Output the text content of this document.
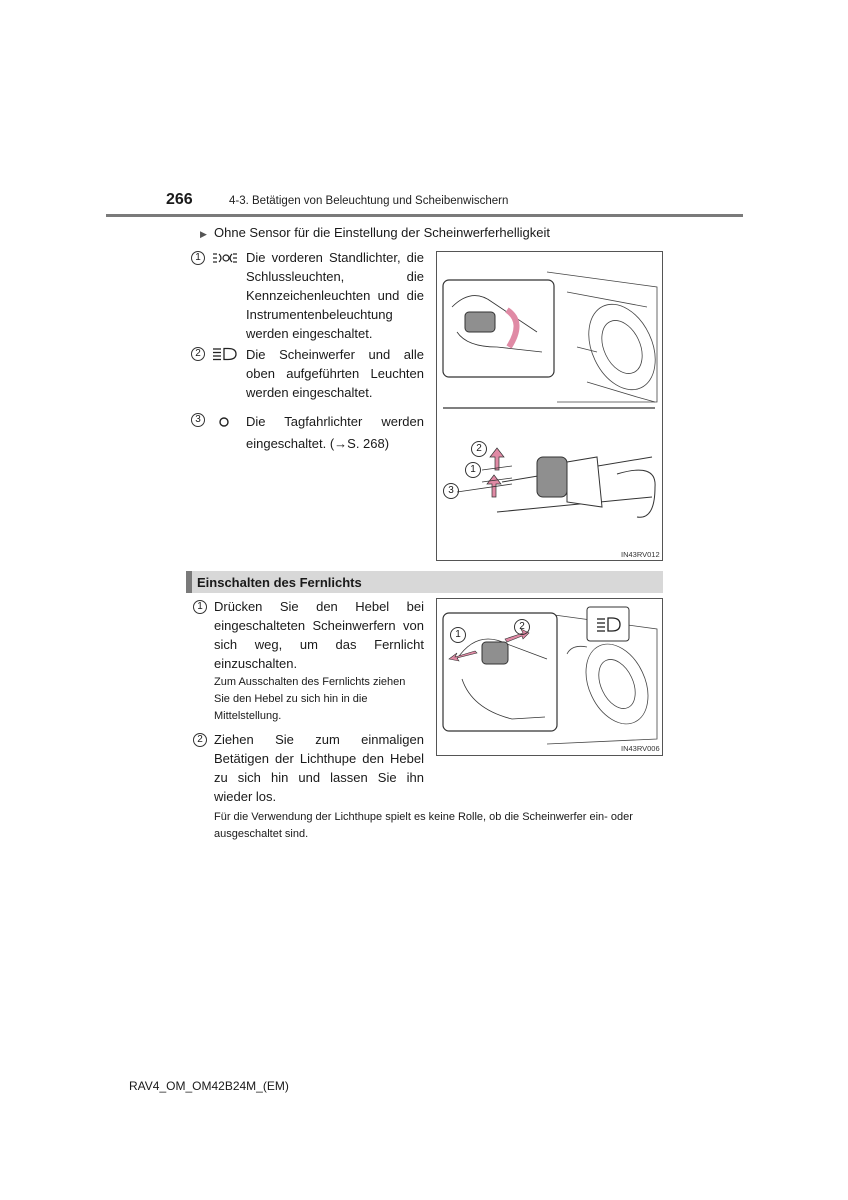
266	4-3. Betätigen von Beleuchtung und Scheibenwischern
▶ Ohne Sensor für die Einstellung der Scheinwerferhelligkeit
1	Die vorderen Standlichter, die Schlussleuchten, die Kennzeichenleuchten und die Instrumentenbeleuchtung werden eingeschaltet.
2	Die Scheinwerfer und alle oben aufgeführten Leuchten werden eingeschaltet.
3	Die Tagfahrlichter werden eingeschaltet. (→S. 268)	2
1
3
IN43RV012
Einschalten des Fernlichts
1 Drücken Sie den Hebel bei eingeschalteten Scheinwerfern von sich weg, um das Fernlicht einzuschalten.
Zum Ausschalten des Fernlichts ziehen Sie den Hebel zu sich hin in die Mittelstellung.
2 Ziehen Sie zum einmaligen Betätigen der Lichthupe den Hebel zu sich hin und lassen Sie ihn wieder los.
1
2
IN43RV006
Für die Verwendung der Lichthupe spielt es keine Rolle, ob die Scheinwerfer ein- oder ausgeschaltet sind.
RAV4_OM_OM42B24M_(EM)
